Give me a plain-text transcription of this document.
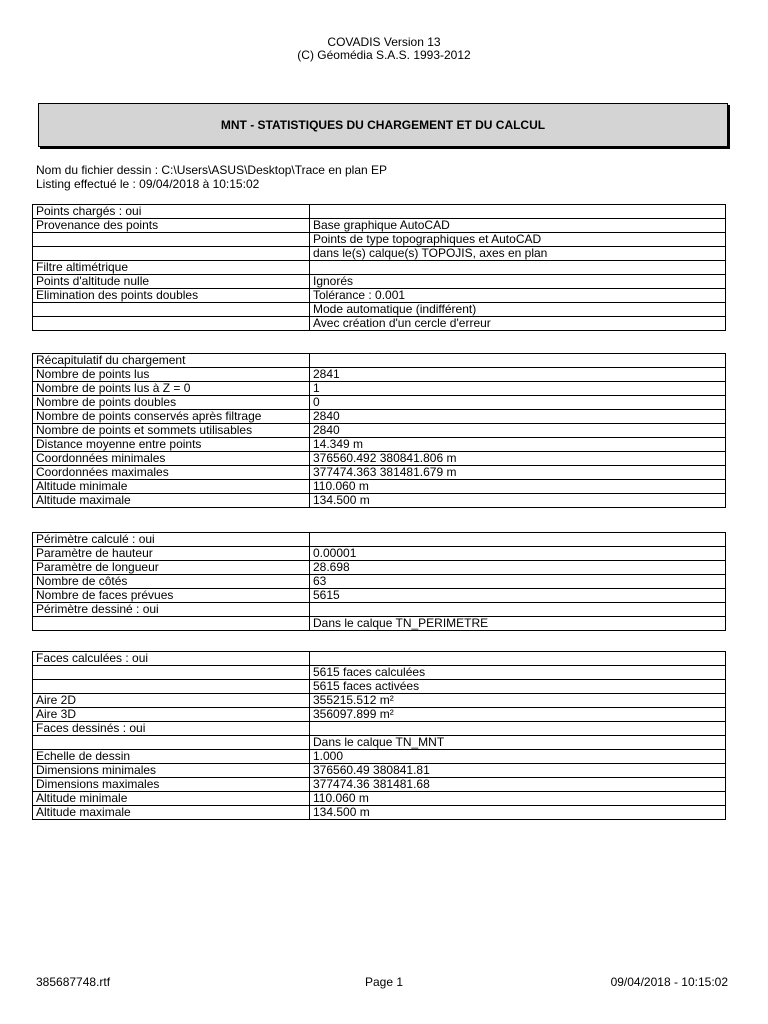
COVADIS Version 13
(C) Géomédia S.A.S. 1993-2012
MNT - STATISTIQUES DU CHARGEMENT ET DU CALCUL
Nom du fichier dessin : C:\Users\ASUS\Desktop\Trace en plan EP
Listing effectué le : 09/04/2018 à 10:15:02
Points chargés : oui	
Provenance des points	Base graphique AutoCAD
	Points de type topographiques et AutoCAD
	dans le(s) calque(s) TOPOJIS, axes en plan
Filtre altimétrique	
Points d'altitude nulle	Ignorés
Elimination des points doubles	Tolérance : 0.001
	Mode automatique (indifférent)
	Avec création d'un cercle d'erreur
Récapitulatif du chargement	
Nombre de points lus	2841
Nombre de points lus à Z = 0	1
Nombre de points doubles	0
Nombre de points conservés après filtrage	2840
Nombre de points et sommets utilisables	2840
Distance moyenne entre points	14.349 m
Coordonnées minimales	376560.492 380841.806 m
Coordonnées maximales	377474.363 381481.679 m
Altitude minimale	110.060 m
Altitude maximale	134.500 m
Périmètre calculé : oui	
Paramètre de hauteur	0.00001
Paramètre de longueur	28.698
Nombre de côtés	63
Nombre de faces prévues	5615
Périmètre dessiné : oui	
	Dans le calque TN_PERIMETRE
Faces calculées : oui	
	5615 faces calculées
	5615 faces activées
Aire 2D	355215.512 m²
Aire 3D	356097.899 m²
Faces dessinés : oui	
	Dans le calque TN_MNT
Echelle de dessin	1.000
Dimensions minimales	376560.49 380841.81
Dimensions maximales	377474.36 381481.68
Altitude minimale	110.060 m
Altitude maximale	134.500 m
385687748.rtf	Page 1	09/04/2018 - 10:15:02
